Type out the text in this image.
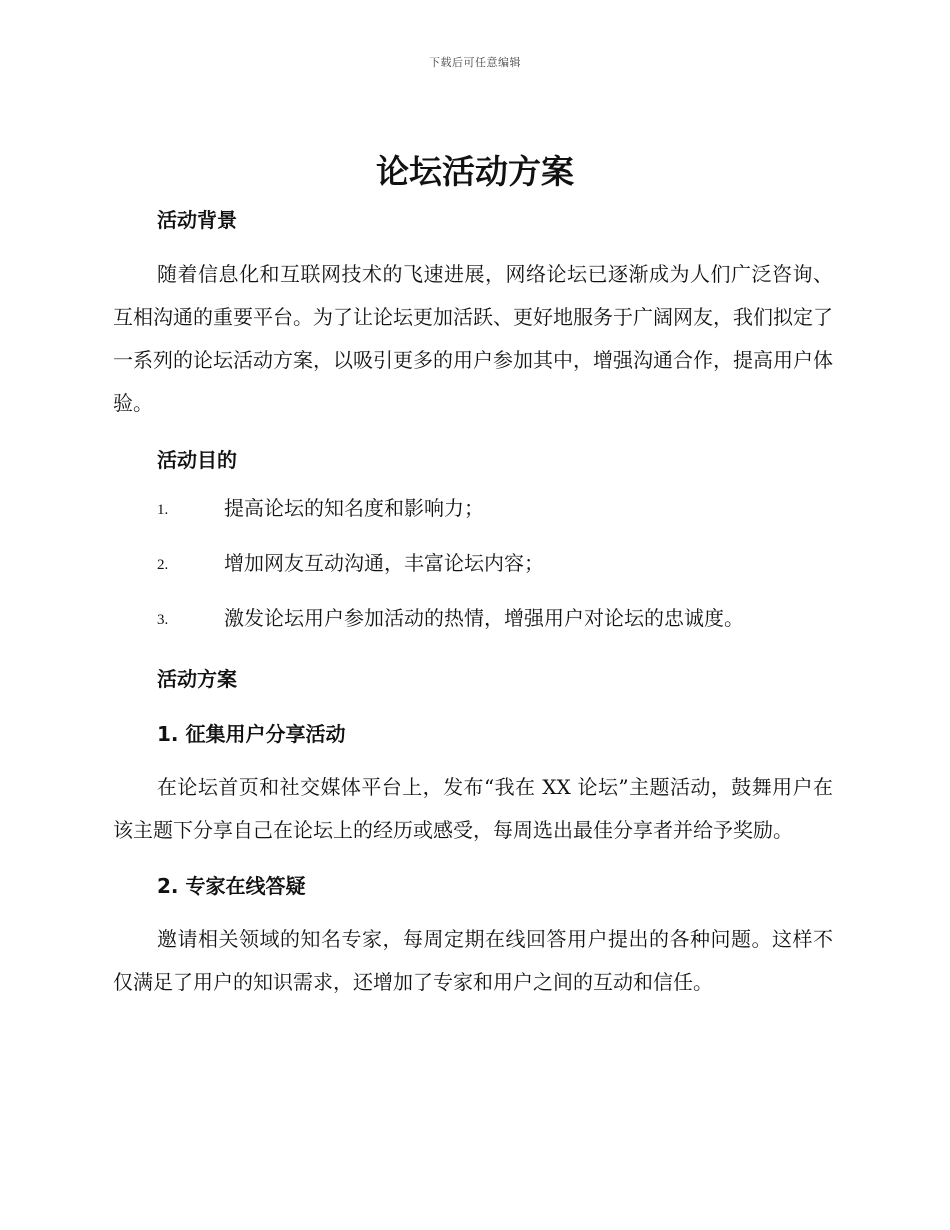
下载后可任意编辑
论坛活动方案
活动背景

随着信息化和互联网技术的飞速进展，网络论坛已逐渐成为人们广泛咨询、互相沟通的重要平台。为了让论坛更加活跃、更好地服务于广阔网友，我们拟定了一系列的论坛活动方案，以吸引更多的用户参加其中，增强沟通合作，提高用户体验。

活动目的
1.	提高论坛的知名度和影响力；
2.	增加网友互动沟通，丰富论坛内容；
3.	激发论坛用户参加活动的热情，增强用户对论坛的忠诚度。
活动方案
1. 征集用户分享活动

在论坛首页和社交媒体平台上，发布“我在 XX 论坛”主题活动，鼓舞用户在该主题下分享自己在论坛上的经历或感受，每周选出最佳分享者并给予奖励。

2. 专家在线答疑

邀请相关领域的知名专家，每周定期在线回答用户提出的各种问题。这样不仅满足了用户的知识需求，还增加了专家和用户之间的互动和信任。
